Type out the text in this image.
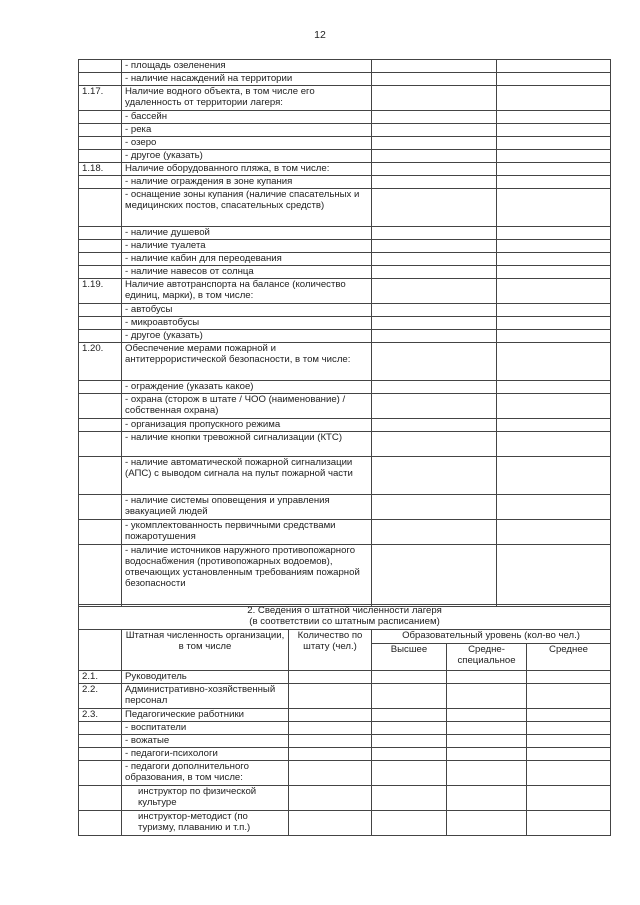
12
	- площадь озеленения		
	- наличие насаждений на территории		
1.17.	Наличие водного объекта, в том числе его удаленность от территории лагеря:		
	- бассейн		
	- река		
	- озеро		
	- другое (указать)		
1.18.	Наличие оборудованного пляжа, в том числе:		
	- наличие ограждения в зоне купания		
	- оснащение зоны купания (наличие спасательных и медицинских постов, спасательных средств)		
	- наличие душевой		
	- наличие туалета		
	- наличие кабин для переодевания		
	- наличие навесов от солнца		
1.19.	Наличие автотранспорта на балансе (количество единиц, марки), в том числе:		
	- автобусы		
	- микроавтобусы		
	- другое (указать)		
1.20.	Обеспечение мерами пожарной и антитеррористической безопасности, в том числе:		
	- ограждение (указать какое)		
	- охрана (сторож в штате / ЧОО (наименование) / собственная охрана)		
	- организация пропускного режима		
	- наличие кнопки тревожной сигнализации (КТС)		
	- наличие автоматической пожарной сигнализации (АПС) с выводом сигнала на пульт пожарной части		
	- наличие системы оповещения и управления эвакуацией людей		
	- укомплектованность первичными средствами пожаротушения		
	- наличие источников наружного противопожарного водоснабжения (противопожарных водоемов), отвечающих установленным требованиям пожарной безопасности		
2. Сведения о штатной численности лагеря
(в соответствии со штатным расписанием)					

	Штатная численность организации, в том числе	Количество по штату (чел.)	Образовательный уровень (кол-во чел.)		
			Высшее	Средне-специальное	Среднее
2.1.	Руководитель				
2.2.	Административно-хозяйственный персонал				
2.3.	Педагогические работники				
	- воспитатели				
	- вожатые				
	- педагоги-психологи				
	- педагоги дополнительного образования, в том числе:				
	инструктор по физической культуре				
	инструктор-методист (по туризму, плаванию и т.п.)				
